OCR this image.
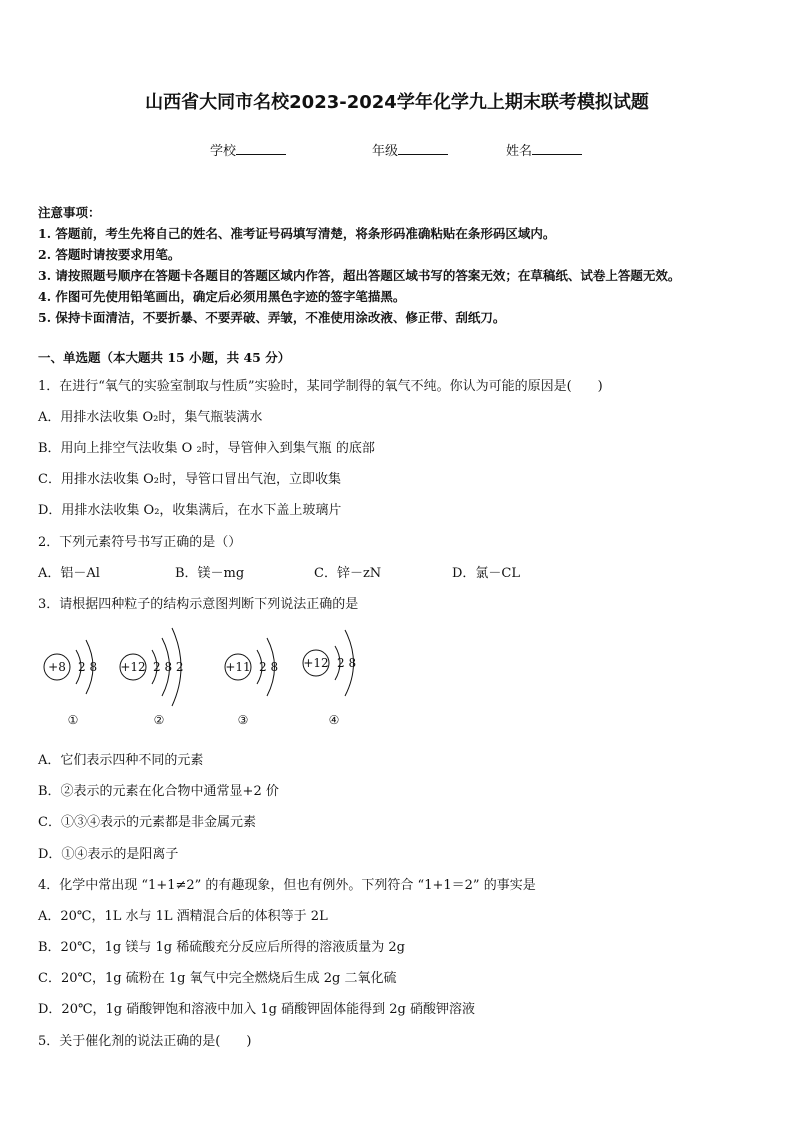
山西省大同市名校2023-2024学年化学九上期末联考模拟试题
学校	年级	姓名
注意事项：
1. 答题前，考生先将自己的姓名、准考证号码填写清楚，将条形码准确粘贴在条形码区域内。
2. 答题时请按要求用笔。
3. 请按照题号顺序在答题卡各题目的答题区域内作答，超出答题区域书写的答案无效；在草稿纸、试卷上答题无效。
4. 作图可先使用铅笔画出，确定后必须用黑色字迹的签字笔描黑。
5. 保持卡面清洁，不要折暴、不要弄破、弄皱，不准使用涂改液、修正带、刮纸刀。
一、单选题（本大题共 15 小题，共 45 分）
1．在进行“氧气的实验室制取与性质”实验时，某同学制得的氧气不纯。你认为可能的原因是(　　)
A．用排水法收集 O₂时，集气瓶装满水
B．用向上排空气法收集 O ₂时，导管伸入到集气瓶 的底部
C．用排水法收集 O₂时，导管口冒出气泡，立即收集
D．用排水法收集 O₂，收集满后，在水下盖上玻璃片
2．下列元素符号书写正确的是（）
A．铝－Al	B．镁－mg	C．锌－zN	D．氯－CL
3．请根据四种粒子的结构示意图判断下列说法正确的是
+8 2 8
①
+12 2 8 2
②
+11 2 8
③
+12 2 8
④
A．它们表示四种不同的元素
B．②表示的元素在化合物中通常显+2 价
C．①③④表示的元素都是非金属元素
D．①④表示的是阳离子
4．化学中常出现 “1+1≠2” 的有趣现象，但也有例外。下列符合 “1+1＝2” 的事实是
A．20℃，1L 水与 1L 酒精混合后的体积等于 2L
B．20℃，1g 镁与 1g 稀硫酸充分反应后所得的溶液质量为 2g
C．20℃，1g 硫粉在 1g 氧气中完全燃烧后生成 2g 二氧化硫
D．20℃，1g 硝酸钾饱和溶液中加入 1g 硝酸钾固体能得到 2g 硝酸钾溶液
5．关于催化剂的说法正确的是(　　)
